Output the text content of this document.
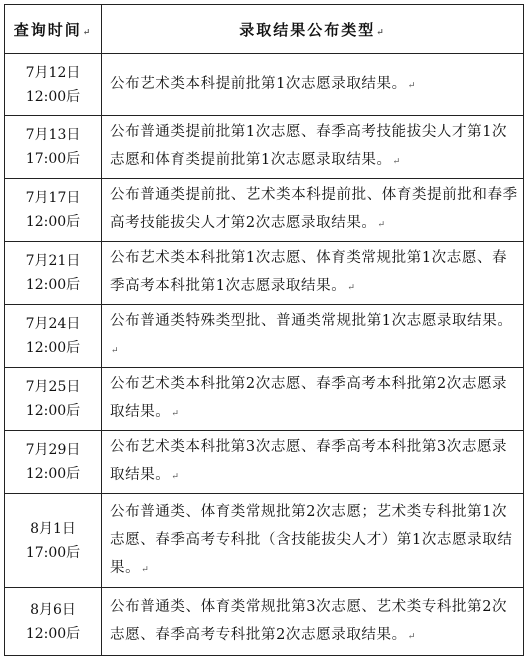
查询时间↵	录取结果公布类型↵

7月12日
12:00后	公布艺术类本科提前批第1次志愿录取结果。↵

7月13日
17:00后	公布普通类提前批第1次志愿、春季高考技能拔尖人才第1次志愿和体育类提前批第1次志愿录取结果。↵

7月17日
12:00后	公布普通类提前批、艺术类本科提前批、体育类提前批和春季高考技能拔尖人才第2次志愿录取结果。↵

7月21日
12:00后	公布艺术类本科批第1次志愿、体育类常规批第1次志愿、春季高考本科批第1次志愿录取结果。↵

7月24日
12:00后	公布普通类特殊类型批、普通类常规批第1次志愿录取结果。↵

7月25日
12:00后	公布艺术类本科批第2次志愿、春季高考本科批第2次志愿录取结果。↵

7月29日
12:00后	公布艺术类本科批第3次志愿、春季高考本科批第3次志愿录取结果。↵

8月1日
17:00后	公布普通类、体育类常规批第2次志愿；艺术类专科批第1次志愿、春季高考专科批（含技能拔尖人才）第1次志愿录取结果。↵

8月6日
12:00后	公布普通类、体育类常规批第3次志愿、艺术类专科批第2次志愿、春季高考专科批第2次志愿录取结果。↵
